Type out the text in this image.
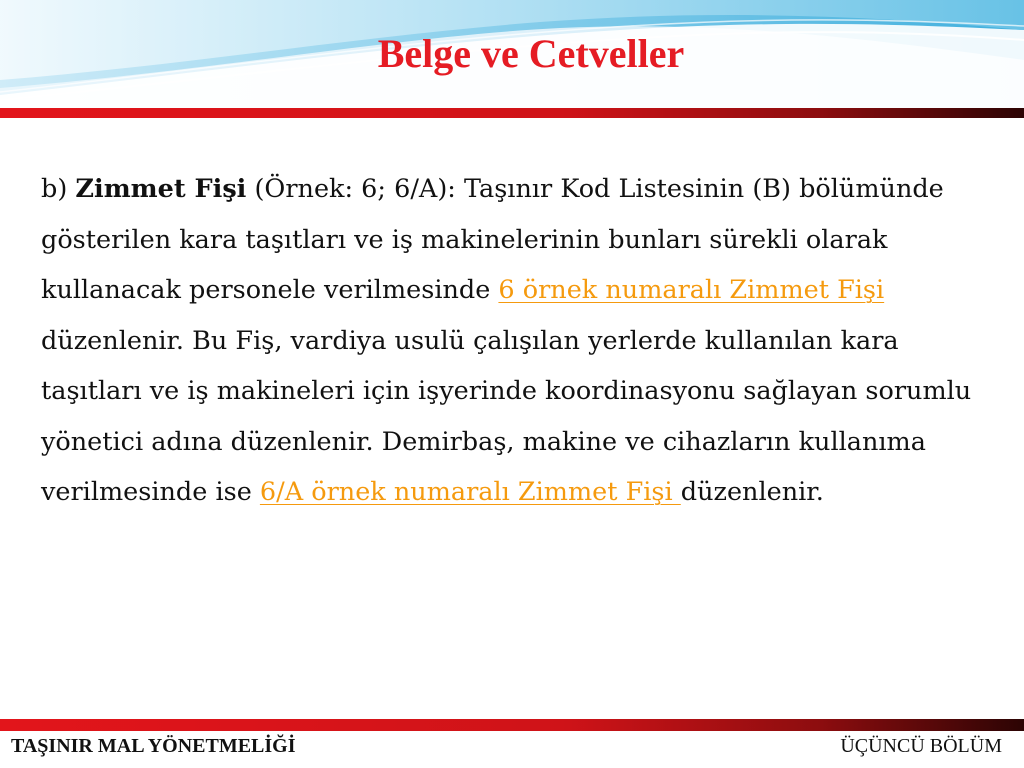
Belge ve Cetveller

b) Zimmet Fişi (Örnek: 6; 6/A): Taşınır Kod Listesinin (B) bölümünde gösterilen kara taşıtları ve iş makinelerinin bunları sürekli olarak kullanacak personele verilmesinde 6 örnek numaralı Zimmet Fişi düzenlenir. Bu Fiş, vardiya usulü çalışılan yerlerde kullanılan kara taşıtları ve iş makineleri için işyerinde koordinasyonu sağlayan sorumlu yönetici adına düzenlenir. Demirbaş, makine ve cihazların kullanıma verilmesinde ise 6/A örnek numaralı Zimmet Fişi düzenlenir.

TAŞINIR MAL YÖNETMELİĞİ	ÜÇÜNCÜ BÖLÜM
